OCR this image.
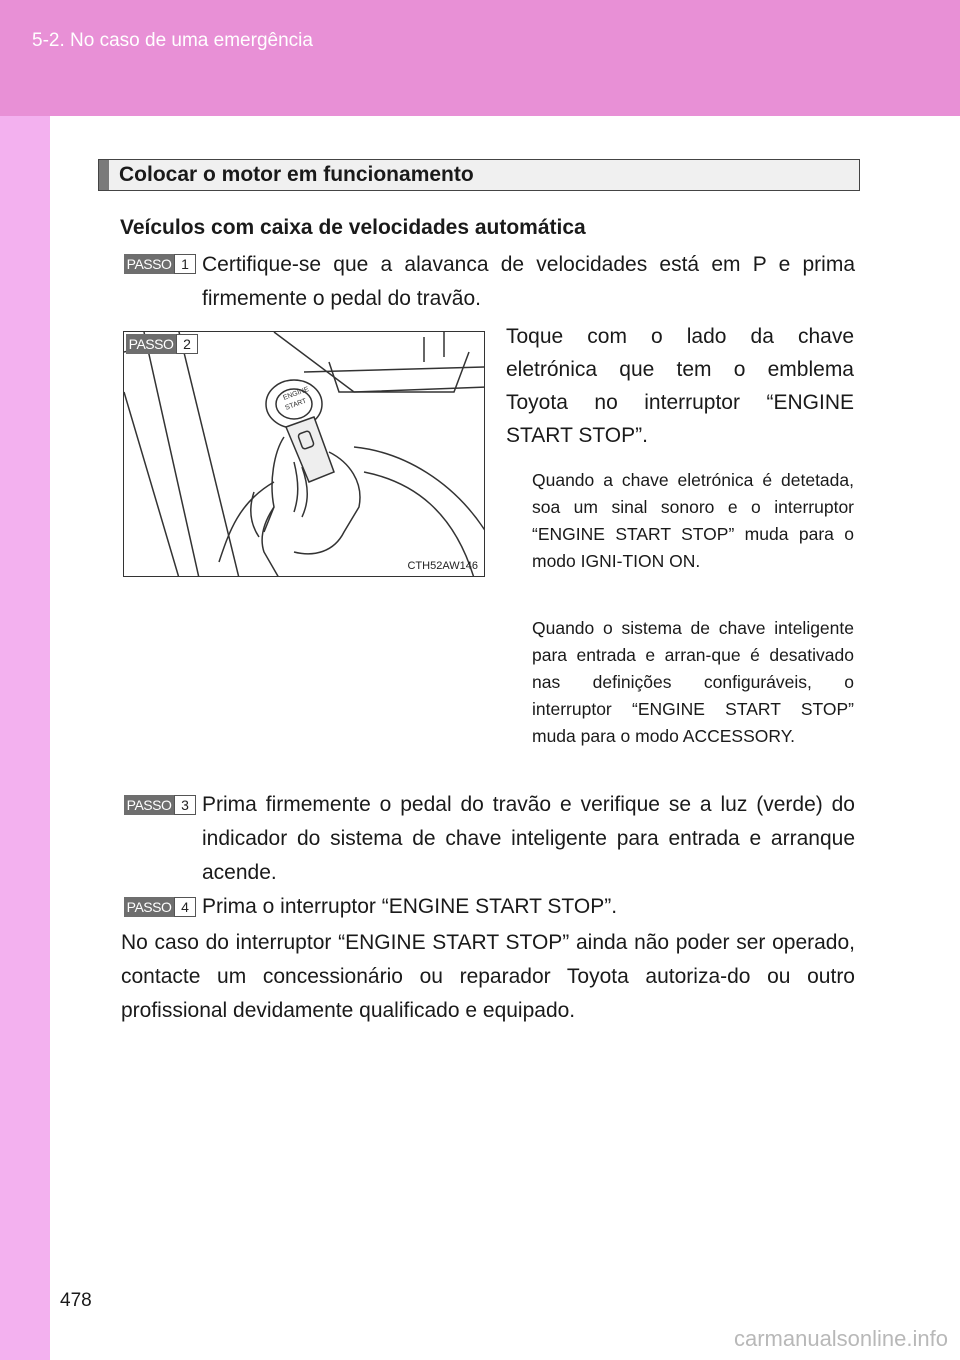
5-2. No caso de uma emergência
Colocar o motor em funcionamento
Veículos com caixa de velocidades automática
PASSO 1 Certifique-se que a alavanca de velocidades está em P e prima firmemente o pedal do travão.
ENGINE
START
CTH52AW146
PASSO 2	Toque com o lado da chave eletrónica que tem o emblema Toyota no interruptor “ENGINE START STOP”.
Quando a chave eletrónica é detetada, soa um sinal sonoro e o interruptor “ENGINE START STOP” muda para o modo IGNI-TION ON.
Quando o sistema de chave inteligente para entrada e arran-que é desativado nas definições configuráveis, o interruptor “ENGINE START STOP” muda para o modo ACCESSORY.
PASSO 3 Prima firmemente o pedal do travão e verifique se a luz (verde) do indicador do sistema de chave inteligente para entrada e arranque acende.
PASSO 4 Prima o interruptor “ENGINE START STOP”.
No caso do interruptor “ENGINE START STOP” ainda não poder ser operado, contacte um concessionário ou reparador Toyota autoriza-do ou outro profissional devidamente qualificado e equipado.
478
carmanualsonline.info
